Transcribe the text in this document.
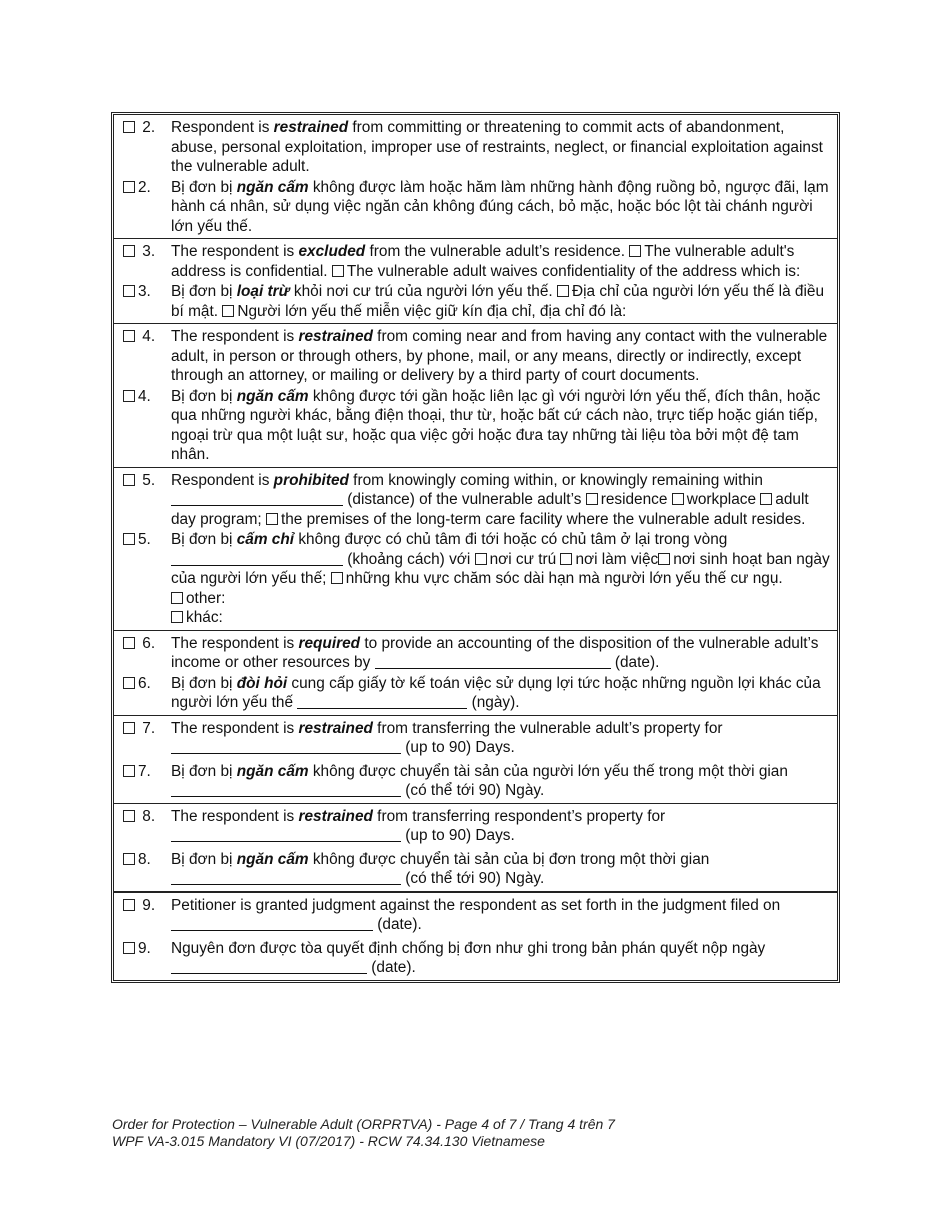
2.	Respondent is restrained from committing or threatening to commit acts of abandonment, abuse, personal exploitation, improper use of restraints, neglect, or financial exploitation against the vulnerable adult.
2.	Bị đơn bị ngăn cấm không được làm hoặc hăm làm những hành động ruồng bỏ, ngược đãi, lạm hành cá nhân, sử dụng việc ngăn cản không đúng cách, bỏ mặc, hoặc bóc lột tài chánh người lớn yếu thế.
3.	The respondent is excluded from the vulnerable adult’s residence. The vulnerable adult's address is confidential. The vulnerable adult waives confidentiality of the address which is:
3.	Bị đơn bị loại trừ khỏi nơi cư trú của người lớn yếu thế. Địa chỉ của người lớn yếu thế là điều bí mật. Người lớn yếu thế miễn việc giữ kín địa chỉ, địa chỉ đó là:
4.	The respondent is restrained from coming near and from having any contact with the vulnerable adult, in person or through others, by phone, mail, or any means, directly or indirectly, except through an attorney, or mailing or delivery by a third party of court documents.
4.	Bị đơn bị ngăn cấm không được tới gần hoặc liên lạc gì với người lớn yếu thế, đích thân, hoặc qua những người khác, bằng điện thoại, thư từ, hoặc bất cứ cách nào, trực tiếp hoặc gián tiếp, ngoại trừ qua một luật sư, hoặc qua việc gởi hoặc đưa tay những tài liệu tòa bởi một đệ tam nhân.
5.	Respondent is prohibited from knowingly coming within, or knowingly remaining within
(distance) of the vulnerable adult’s residence workplace adult day program; the premises of the long-term care facility where the vulnerable adult resides.
5.	Bị đơn bị cấm chỉ không được có chủ tâm đi tới hoặc có chủ tâm ở lại trong vòng
(khoảng cách) với nơi cư trú nơi làm việc nơi sinh hoạt ban ngày của người lớn yếu thế; những khu vực chăm sóc dài hạn mà người lớn yếu thế cư ngụ.
other:
khác:
6.	The respondent is required to provide an accounting of the disposition of the vulnerable adult’s income or other resources by	(date).
6.	Bị đơn bị đòi hỏi cung cấp giấy tờ kế toán việc sử dụng lợi tức hoặc những nguồn lợi khác của người lớn yếu thế	(ngày).
7.	The respondent is restrained from transferring the vulnerable adult’s property for
(up to 90) Days.
7.	Bị đơn bị ngăn cấm không được chuyển tài sản của người lớn yếu thế trong một thời gian  (có thể tới 90) Ngày.
8.	The respondent is restrained from transferring respondent’s property for
(up to 90) Days.
8.	Bị đơn bị ngăn cấm không được chuyển tài sản của bị đơn trong một thời gian
(có thể tới 90) Ngày.
9.	Petitioner is granted judgment against the respondent as set forth in the judgment filed on  (date).
9.	Nguyên đơn được tòa quyết định chống bị đơn như ghi trong bản phán quyết nộp ngày  (date).
Order for Protection – Vulnerable Adult (ORPRTVA) - Page 4 of 7 / Trang 4 trên 7
WPF VA-3.015 Mandatory VI (07/2017) - RCW 74.34.130 Vietnamese
